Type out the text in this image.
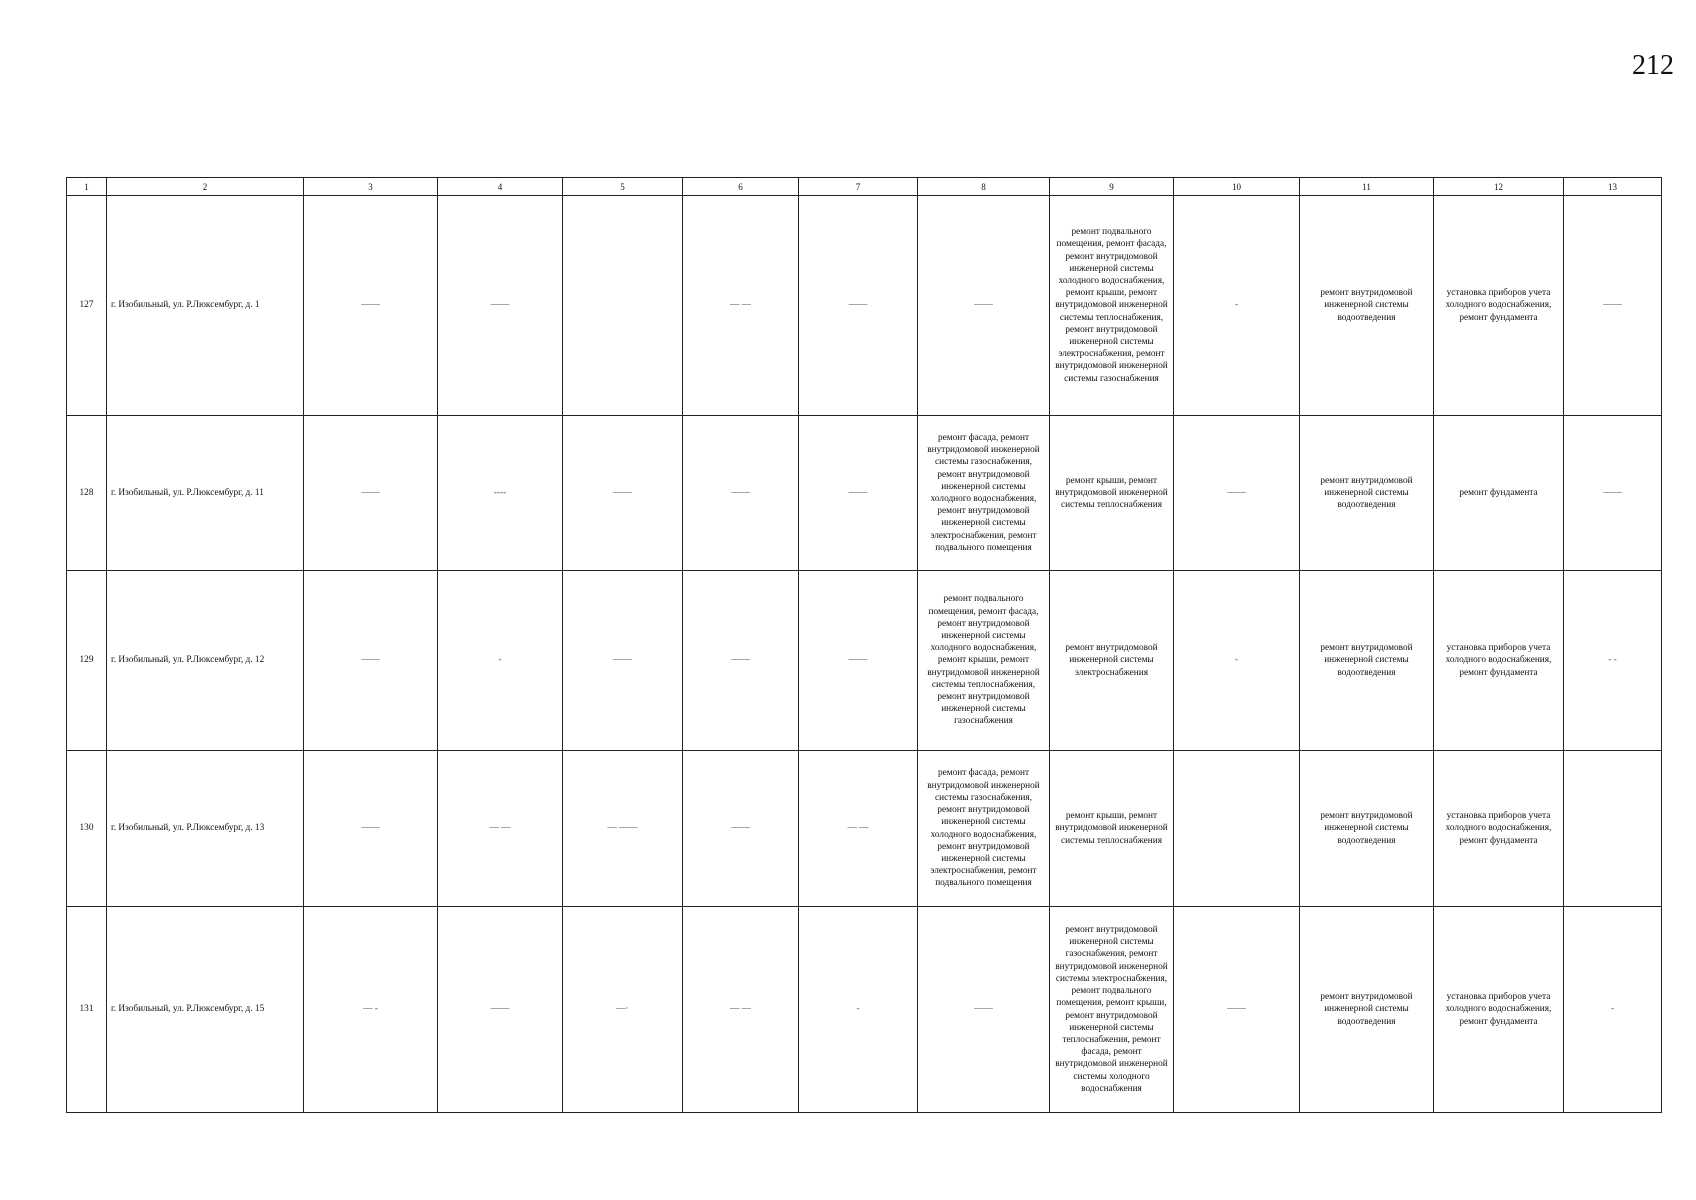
212
1	2	3	4	5	6	7	8	9	10	11	12	13
127	г. Изобильный, ул. Р.Люксембург, д. 1	——	——		— —	——	——	ремонт подвального помещения, ремонт фасада, ремонт внутридомовой инженерной системы холодного водоснабжения, ремонт крыши, ремонт внутридомовой инженерной системы теплоснабжения, ремонт внутридомовой инженерной системы электроснабжения, ремонт внутридомовой инженерной системы газоснабжения	-	ремонт внутридомовой инженерной системы водоотведения	установка приборов учета холодного водоснабжения, ремонт фундамента	——
128	г. Изобильный, ул. Р.Люксембург, д. 11	——	----	——	——	——	ремонт фасада, ремонт внутридомовой инженерной системы газоснабжения, ремонт внутридомовой инженерной системы холодного водоснабжения, ремонт внутридомовой инженерной системы электроснабжения, ремонт подвального помещения	ремонт крыши, ремонт внутридомовой инженерной системы теплоснабжения	——	ремонт внутридомовой инженерной системы водоотведения	ремонт фундамента	——
129	г. Изобильный, ул. Р.Люксембург, д. 12	——	-	——	——	——	ремонт подвального помещения, ремонт фасада, ремонт внутридомовой инженерной системы холодного водоснабжения, ремонт крыши, ремонт внутридомовой инженерной системы теплоснабжения, ремонт внутридомовой инженерной системы газоснабжения	ремонт внутридомовой инженерной системы электроснабжения	-	ремонт внутридомовой инженерной системы водоотведения	установка приборов учета холодного водоснабжения, ремонт фундамента	- -
130	г. Изобильный, ул. Р.Люксембург, д. 13	——	— —	— ——	——	— —	ремонт фасада, ремонт внутридомовой инженерной системы газоснабжения, ремонт внутридомовой инженерной системы холодного водоснабжения, ремонт внутридомовой инженерной системы электроснабжения, ремонт подвального помещения	ремонт крыши, ремонт внутридомовой инженерной системы теплоснабжения		ремонт внутридомовой инженерной системы водоотведения	установка приборов учета холодного водоснабжения, ремонт фундамента	
131	г. Изобильный, ул. Р.Люксембург, д. 15	— -	——	—·	— —	-	——	ремонт внутридомовой инженерной системы газоснабжения, ремонт внутридомовой инженерной системы электроснабжения, ремонт подвального помещения, ремонт крыши, ремонт внутридомовой инженерной системы теплоснабжения, ремонт фасада, ремонт внутридомовой инженерной системы холодного водоснабжения	——	ремонт внутридомовой инженерной системы водоотведения	установка приборов учета холодного водоснабжения, ремонт фундамента	-
